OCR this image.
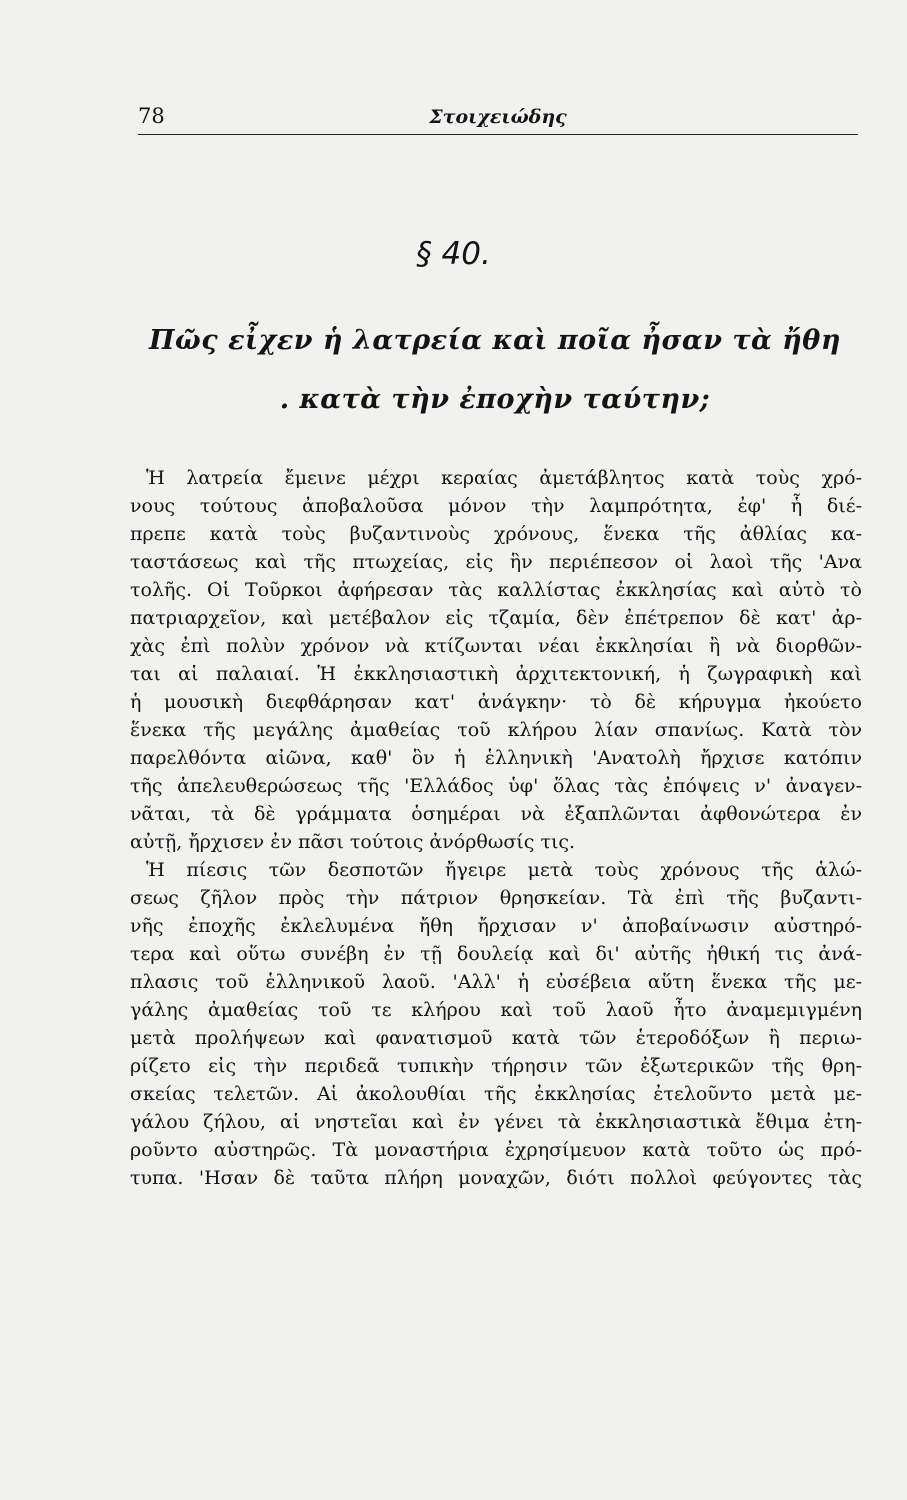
78	Στοιχειώδης
§ 40.
Πῶς εἶχεν ἡ λατρεία καὶ ποῖα ἦσαν τὰ ἤθη
. κατὰ τὴν ἐποχὴν ταύτην;
Ἡ λατρεία ἔμεινε μέχρι κεραίας ἀμετάβλητος κατὰ τοὺς χρό-
νους τούτους ἀποβαλοῦσα μόνον τὴν λαμπρότητα, ἐφ' ἧ διέ-
πρεπε κατὰ τοὺς βυζαντινοὺς χρόνους, ἕνεκα τῆς ἀθλίας κα-
ταστάσεως καὶ τῆς πτωχείας, εἰς ἣν περιέπεσον οἱ λαοὶ τῆς 'Ανα
τολῆς. Οἱ Τοῦρκοι ἀφήρεσαν τὰς καλλίστας ἐκκλησίας καὶ αὐτὸ τὸ
πατριαρχεῖον, καὶ μετέβαλον εἰς τζαμία, δὲν ἐπέτρεπον δὲ κατ' ἀρ-
χὰς ἐπὶ πολὺν χρόνον νὰ κτίζωνται νέαι ἐκκλησίαι ἢ νὰ διορθῶν-
ται αἱ παλαιαί. Ἡ ἐκκλησιαστικὴ ἀρχιτεκτονική, ἡ ζωγραφικὴ καὶ
ἡ μουσικὴ διεφθάρησαν κατ' ἀνάγκην· τὸ δὲ κήρυγμα ἠκούετο
ἕνεκα τῆς μεγάλης ἀμαθείας τοῦ κλήρου λίαν σπανίως. Κατὰ τὸν
παρελθόντα αἰῶνα, καθ' ὃν ἡ ἑλληνικὴ 'Ανατολὴ ἤρχισε κατόπιν
τῆς ἀπελευθερώσεως τῆς 'Ελλάδος ὑφ' ὅλας τὰς ἐπόψεις ν' ἀναγεν-
νᾶται, τὰ δὲ γράμματα ὁσημέραι νὰ ἐξαπλῶνται ἀφθονώτερα ἐν
αὐτῇ, ἤρχισεν ἐν πᾶσι τούτοις ἀνόρθωσίς τις.
Ἡ πίεσις τῶν δεσποτῶν ἤγειρε μετὰ τοὺς χρόνους τῆς ἁλώ-
σεως ζῆλον πρὸς τὴν πάτριον θρησκείαν. Τὰ ἐπὶ τῆς βυζαντι-
νῆς ἐποχῆς ἐκλελυμένα ἤθη ἤρχισαν ν' ἀποβαίνωσιν αὐστηρό-
τερα καὶ οὕτω συνέβη ἐν τῇ δουλείᾳ καὶ δι' αὐτῆς ἠθική τις ἀνά-
πλασις τοῦ ἑλληνικοῦ λαοῦ. 'Αλλ' ἡ εὐσέβεια αὕτη ἕνεκα τῆς με-
γάλης ἀμαθείας τοῦ τε κλήρου καὶ τοῦ λαοῦ ἦτο ἀναμεμιγμένη
μετὰ προλήψεων καὶ φανατισμοῦ κατὰ τῶν ἑτεροδόξων ἢ περιω-
ρίζετο εἰς τὴν περιδεᾶ τυπικὴν τήρησιν τῶν ἐξωτερικῶν τῆς θρη-
σκείας τελετῶν. Αἱ ἀκολουθίαι τῆς ἐκκλησίας ἐτελοῦντο μετὰ με-
γάλου ζήλου, αἱ νηστεῖαι καὶ ἐν γένει τὰ ἐκκλησιαστικὰ ἔθιμα ἐτη-
ροῦντο αὐστηρῶς. Τὰ μοναστήρια ἐχρησίμευον κατὰ τοῦτο ὡς πρό-
τυπα. 'Ησαν δὲ ταῦτα πλήρη μοναχῶν, διότι πολλοὶ φεύγοντες τὰς
